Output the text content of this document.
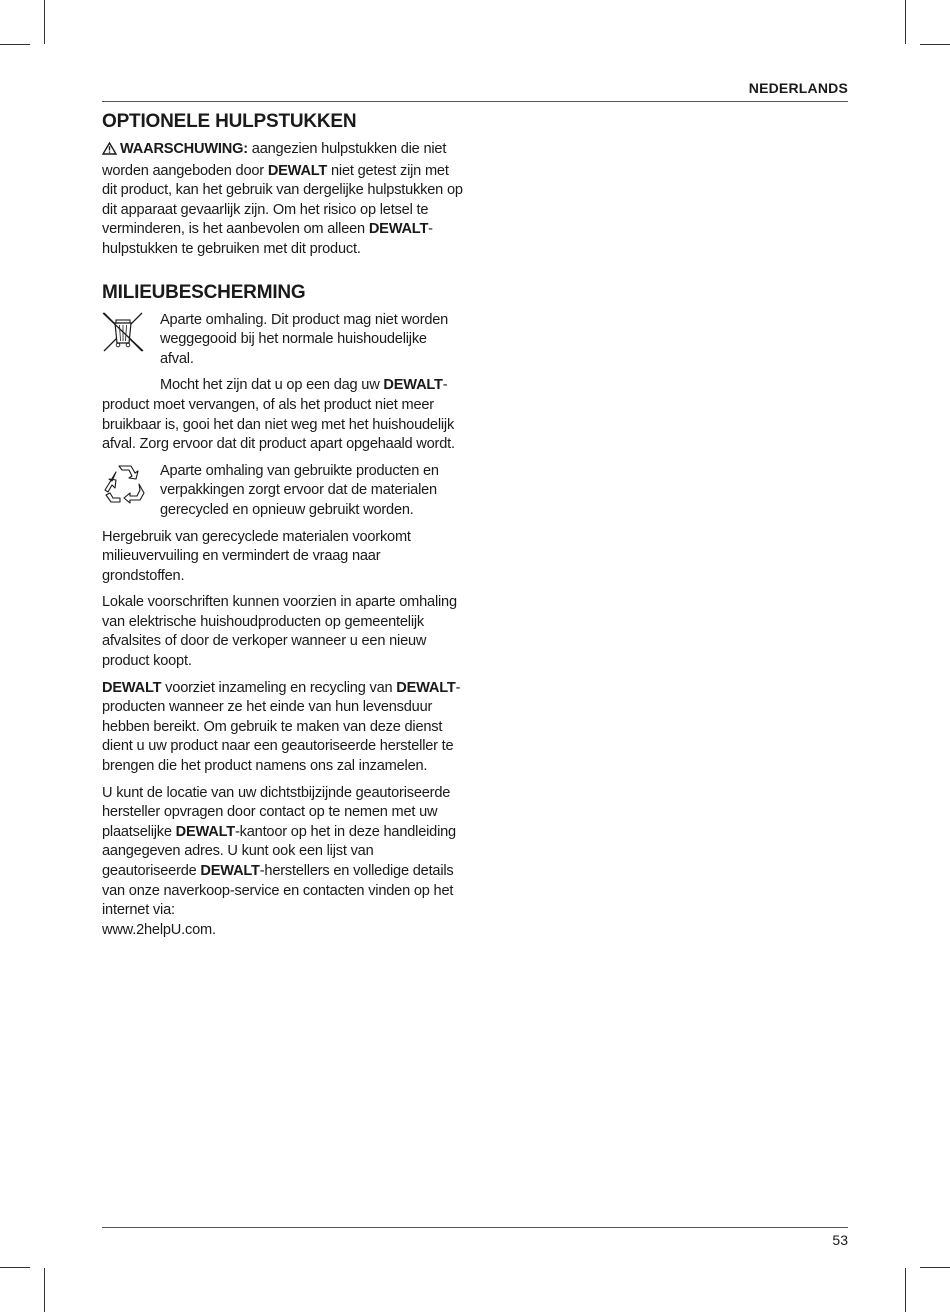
NEDERLANDS
OPTIONELE HULPSTUKKEN

WAARSCHUWING: aangezien hulpstukken die niet worden aangeboden door DEWALT niet getest zijn met dit product, kan het gebruik van dergelijke hulpstukken op dit apparaat gevaarlijk zijn. Om het risico op letsel te verminderen, is het aanbevolen om alleen DEWALT-hulpstukken te gebruiken met dit product.

MILIEUBESCHERMING

Aparte omhaling. Dit product mag niet worden weggegooid bij het normale huishoudelijke afval.

Mocht het zijn dat u op een dag uw DEWALT-product moet vervangen, of als het product niet meer bruikbaar is, gooi het dan niet weg met het huishoudelijk afval. Zorg ervoor dat dit product apart opgehaald wordt.

Aparte omhaling van gebruikte producten en verpakkingen zorgt ervoor dat de materialen gerecycled en opnieuw gebruikt worden.

Hergebruik van gerecyclede materialen voorkomt milieuvervuiling en vermindert de vraag naar grondstoffen.

Lokale voorschriften kunnen voorzien in aparte omhaling van elektrische huishoudproducten op gemeentelijk afvalsites of door de verkoper wanneer u een nieuw product koopt.

DEWALT voorziet inzameling en recycling van DEWALT-producten wanneer ze het einde van hun levensduur hebben bereikt. Om gebruik te maken van deze dienst dient u uw product naar een geautoriseerde hersteller te brengen die het product namens ons zal inzamelen.

U kunt de locatie van uw dichtstbijzijnde geautoriseerde hersteller opvragen door contact op te nemen met uw plaatselijke DEWALT-kantoor op het in deze handleiding aangegeven adres. U kunt ook een lijst van geautoriseerde DEWALT-herstellers en volledige details van onze naverkoop-service en contacten vinden op het internet via:
www.2helpU.com.

53
